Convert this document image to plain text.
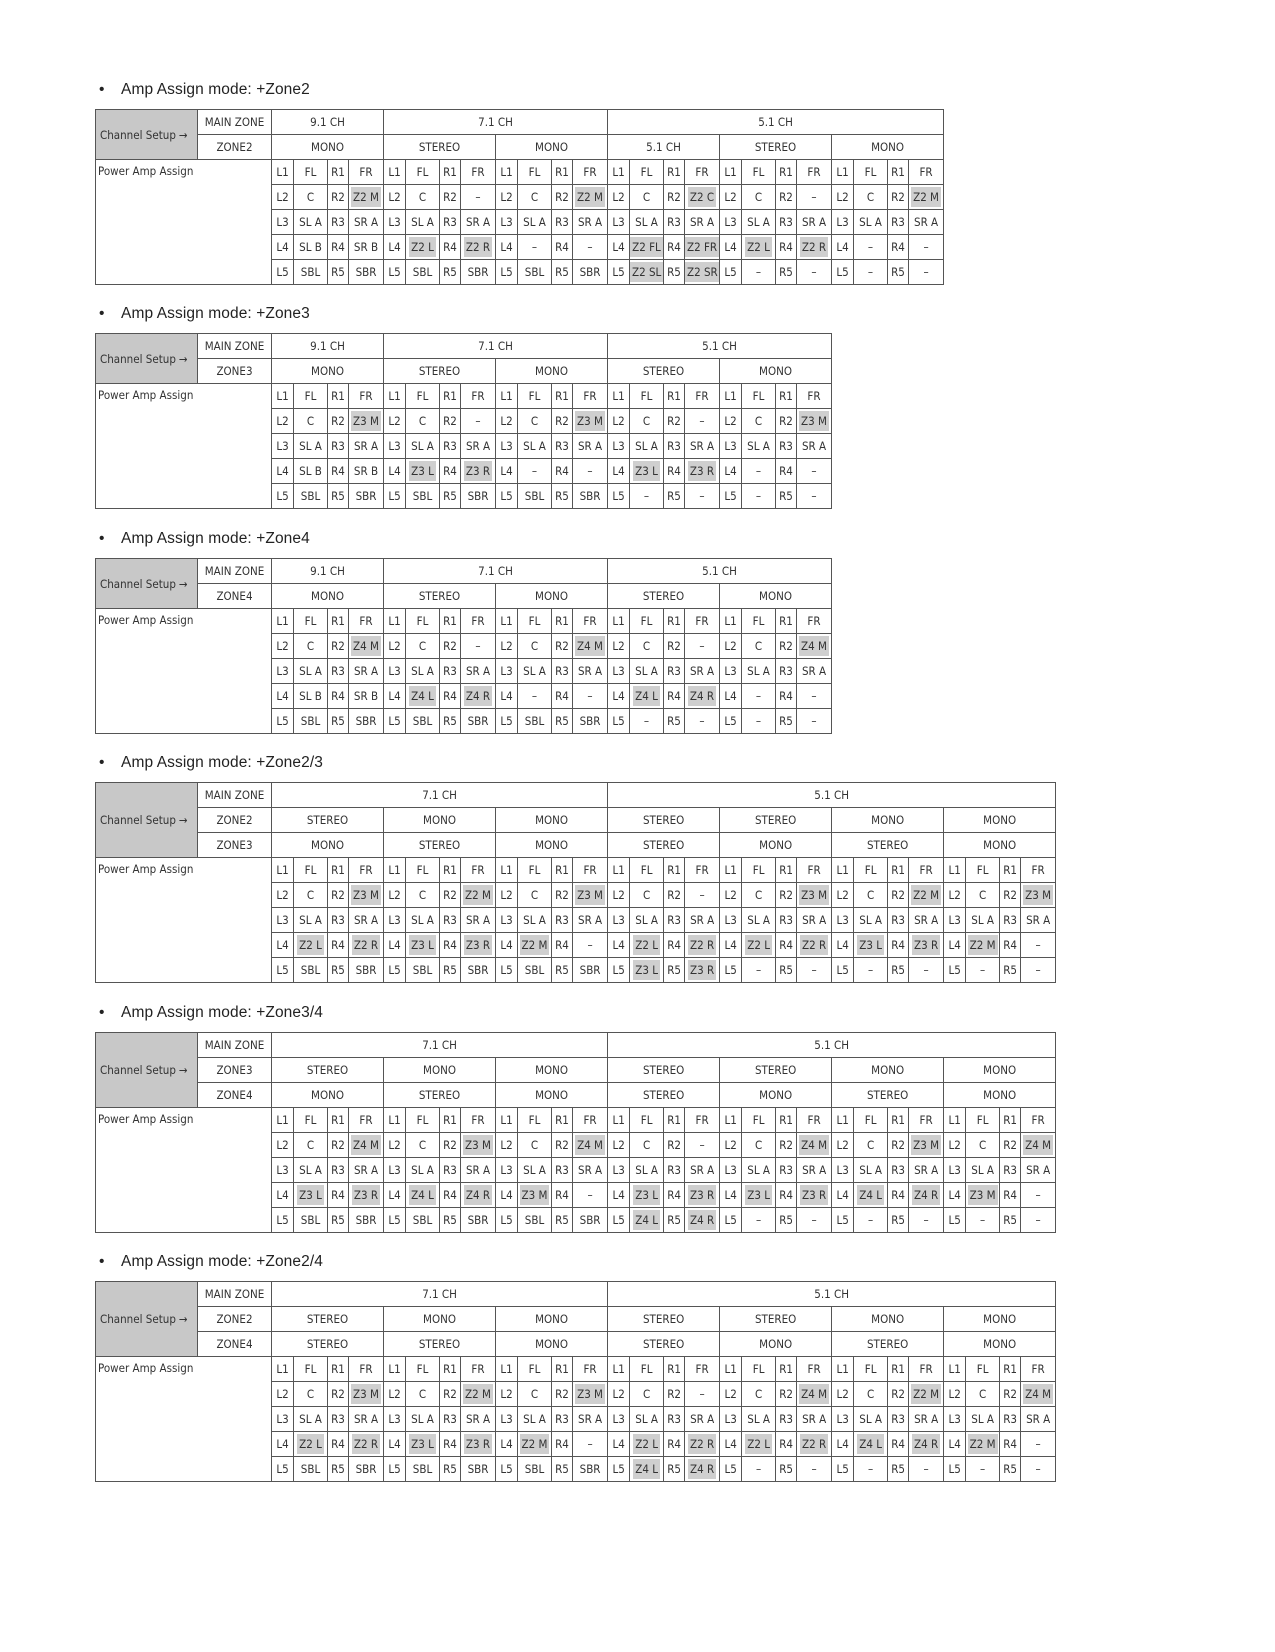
• Amp Assign mode: +Zone2
Channel Setup →	MAIN ZONE	9.1 CH				7.1 CH								5.1 CH											
	ZONE2	MONO				STEREO				MONO				5.1 CH				STEREO				MONO			
Power Amp Assign		L1	FL	R1	FR	L1	FL	R1	FR	L1	FL	R1	FR	L1	FL	R1	FR	L1	FL	R1	FR	L1	FL	R1	FR
		L2	C	R2	Z2 M	L2	C	R2	–	L2	C	R2	Z2 M	L2	C	R2	Z2 C	L2	C	R2	–	L2	C	R2	Z2 M
		L3	SL A	R3	SR A	L3	SL A	R3	SR A	L3	SL A	R3	SR A	L3	SL A	R3	SR A	L3	SL A	R3	SR A	L3	SL A	R3	SR A
		L4	SL B	R4	SR B	L4	Z2 L	R4	Z2 R	L4	–	R4	–	L4	Z2 FL	R4	Z2 FR	L4	Z2 L	R4	Z2 R	L4	–	R4	–
		L5	SBL	R5	SBR	L5	SBL	R5	SBR	L5	SBL	R5	SBR	L5	Z2 SL	R5	Z2 SR	L5	–	R5	–	L5	–	R5	–
• Amp Assign mode: +Zone3
Channel Setup →	MAIN ZONE	9.1 CH				7.1 CH								5.1 CH							
	ZONE3	MONO				STEREO				MONO				STEREO				MONO			
Power Amp Assign		L1	FL	R1	FR	L1	FL	R1	FR	L1	FL	R1	FR	L1	FL	R1	FR	L1	FL	R1	FR
		L2	C	R2	Z3 M	L2	C	R2	–	L2	C	R2	Z3 M	L2	C	R2	–	L2	C	R2	Z3 M
		L3	SL A	R3	SR A	L3	SL A	R3	SR A	L3	SL A	R3	SR A	L3	SL A	R3	SR A	L3	SL A	R3	SR A
		L4	SL B	R4	SR B	L4	Z3 L	R4	Z3 R	L4	–	R4	–	L4	Z3 L	R4	Z3 R	L4	–	R4	–
		L5	SBL	R5	SBR	L5	SBL	R5	SBR	L5	SBL	R5	SBR	L5	–	R5	–	L5	–	R5	–
• Amp Assign mode: +Zone4
Channel Setup →	MAIN ZONE	9.1 CH				7.1 CH								5.1 CH							
	ZONE4	MONO				STEREO				MONO				STEREO				MONO			
Power Amp Assign		L1	FL	R1	FR	L1	FL	R1	FR	L1	FL	R1	FR	L1	FL	R1	FR	L1	FL	R1	FR
		L2	C	R2	Z4 M	L2	C	R2	–	L2	C	R2	Z4 M	L2	C	R2	–	L2	C	R2	Z4 M
		L3	SL A	R3	SR A	L3	SL A	R3	SR A	L3	SL A	R3	SR A	L3	SL A	R3	SR A	L3	SL A	R3	SR A
		L4	SL B	R4	SR B	L4	Z4 L	R4	Z4 R	L4	–	R4	–	L4	Z4 L	R4	Z4 R	L4	–	R4	–
		L5	SBL	R5	SBR	L5	SBL	R5	SBR	L5	SBL	R5	SBR	L5	–	R5	–	L5	–	R5	–
• Amp Assign mode: +Zone2/3
Channel Setup →	MAIN ZONE	7.1 CH												5.1 CH															
	ZONE2	STEREO				MONO				MONO				STEREO				STEREO				MONO				MONO			
	ZONE3	MONO				STEREO				MONO				STEREO				MONO				STEREO				MONO			
Power Amp Assign		L1	FL	R1	FR	L1	FL	R1	FR	L1	FL	R1	FR	L1	FL	R1	FR	L1	FL	R1	FR	L1	FL	R1	FR	L1	FL	R1	FR
		L2	C	R2	Z3 M	L2	C	R2	Z2 M	L2	C	R2	Z3 M	L2	C	R2	–	L2	C	R2	Z3 M	L2	C	R2	Z2 M	L2	C	R2	Z3 M
		L3	SL A	R3	SR A	L3	SL A	R3	SR A	L3	SL A	R3	SR A	L3	SL A	R3	SR A	L3	SL A	R3	SR A	L3	SL A	R3	SR A	L3	SL A	R3	SR A
		L4	Z2 L	R4	Z2 R	L4	Z3 L	R4	Z3 R	L4	Z2 M	R4	–	L4	Z2 L	R4	Z2 R	L4	Z2 L	R4	Z2 R	L4	Z3 L	R4	Z3 R	L4	Z2 M	R4	–
		L5	SBL	R5	SBR	L5	SBL	R5	SBR	L5	SBL	R5	SBR	L5	Z3 L	R5	Z3 R	L5	–	R5	–	L5	–	R5	–	L5	–	R5	–
• Amp Assign mode: +Zone3/4
Channel Setup →	MAIN ZONE	7.1 CH												5.1 CH															
	ZONE3	STEREO				MONO				MONO				STEREO				STEREO				MONO				MONO			
	ZONE4	MONO				STEREO				MONO				STEREO				MONO				STEREO				MONO			
Power Amp Assign		L1	FL	R1	FR	L1	FL	R1	FR	L1	FL	R1	FR	L1	FL	R1	FR	L1	FL	R1	FR	L1	FL	R1	FR	L1	FL	R1	FR
		L2	C	R2	Z4 M	L2	C	R2	Z3 M	L2	C	R2	Z4 M	L2	C	R2	–	L2	C	R2	Z4 M	L2	C	R2	Z3 M	L2	C	R2	Z4 M
		L3	SL A	R3	SR A	L3	SL A	R3	SR A	L3	SL A	R3	SR A	L3	SL A	R3	SR A	L3	SL A	R3	SR A	L3	SL A	R3	SR A	L3	SL A	R3	SR A
		L4	Z3 L	R4	Z3 R	L4	Z4 L	R4	Z4 R	L4	Z3 M	R4	–	L4	Z3 L	R4	Z3 R	L4	Z3 L	R4	Z3 R	L4	Z4 L	R4	Z4 R	L4	Z3 M	R4	–
		L5	SBL	R5	SBR	L5	SBL	R5	SBR	L5	SBL	R5	SBR	L5	Z4 L	R5	Z4 R	L5	–	R5	–	L5	–	R5	–	L5	–	R5	–
• Amp Assign mode: +Zone2/4
Channel Setup →	MAIN ZONE	7.1 CH												5.1 CH															
	ZONE2	STEREO				MONO				MONO				STEREO				STEREO				MONO				MONO			
	ZONE4	STEREO				STEREO				MONO				STEREO				MONO				STEREO				MONO			
Power Amp Assign		L1	FL	R1	FR	L1	FL	R1	FR	L1	FL	R1	FR	L1	FL	R1	FR	L1	FL	R1	FR	L1	FL	R1	FR	L1	FL	R1	FR
		L2	C	R2	Z3 M	L2	C	R2	Z2 M	L2	C	R2	Z3 M	L2	C	R2	–	L2	C	R2	Z4 M	L2	C	R2	Z2 M	L2	C	R2	Z4 M
		L3	SL A	R3	SR A	L3	SL A	R3	SR A	L3	SL A	R3	SR A	L3	SL A	R3	SR A	L3	SL A	R3	SR A	L3	SL A	R3	SR A	L3	SL A	R3	SR A
		L4	Z2 L	R4	Z2 R	L4	Z3 L	R4	Z3 R	L4	Z2 M	R4	–	L4	Z2 L	R4	Z2 R	L4	Z2 L	R4	Z2 R	L4	Z4 L	R4	Z4 R	L4	Z2 M	R4	–
		L5	SBL	R5	SBR	L5	SBL	R5	SBR	L5	SBL	R5	SBR	L5	Z4 L	R5	Z4 R	L5	–	R5	–	L5	–	R5	–	L5	–	R5	–
